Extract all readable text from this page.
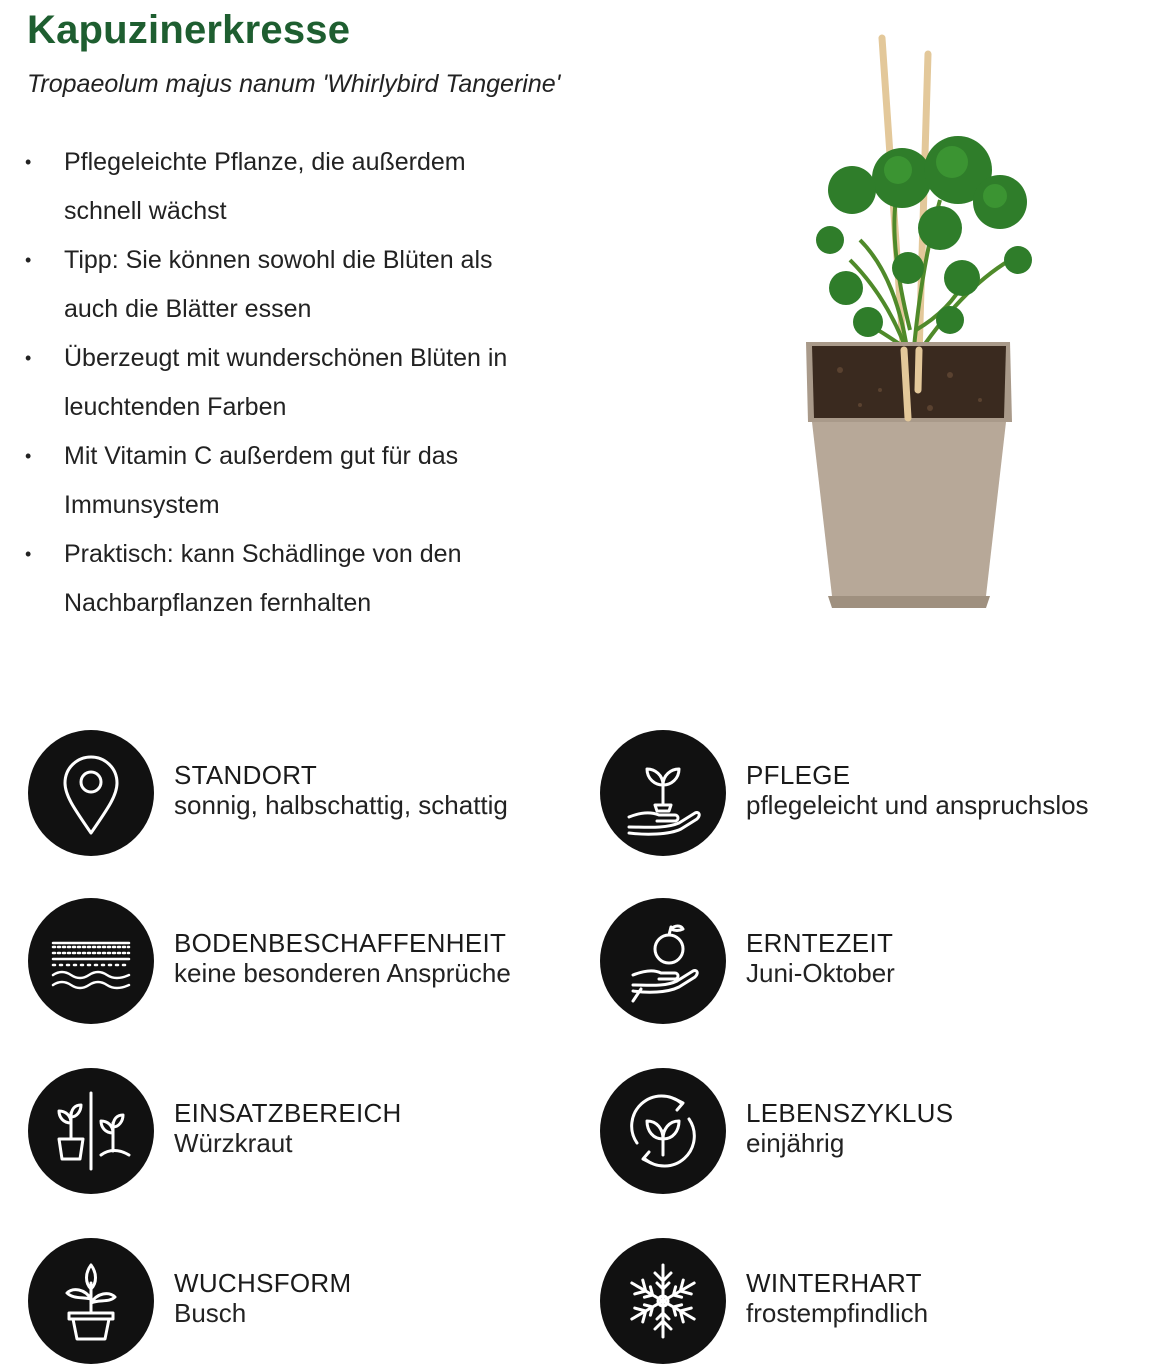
Kapuzinerkresse

Tropaeolum majus nanum 'Whirlybird Tangerine'

• Pflegeleichte Pflanze, die außerdem
schnell wächst
• Tipp: Sie können sowohl die Blüten als
auch die Blätter essen
• Überzeugt mit wunderschönen Blüten in
leuchtenden Farben
• Mit Vitamin C außerdem gut für das
Immunsystem
• Praktisch: kann Schädlinge von den
Nachbarpflanzen fernhalten
STANDORT
sonnig, halbschattig, schattig
PFLEGE
pflegeleicht und anspruchslos
BODENBESCHAFFENHEIT
keine besonderen Ansprüche
ERNTEZEIT
Juni-Oktober
EINSATZBEREICH
Würzkraut
LEBENSZYKLUS
einjährig
WUCHSFORM
Busch
WINTERHART
frostempfindlich
